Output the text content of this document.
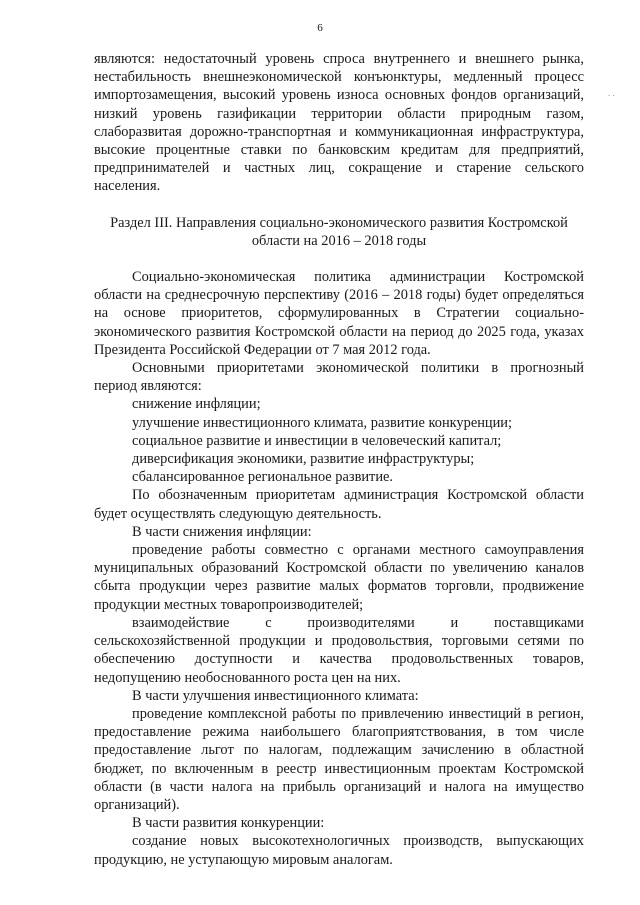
6
. .

являются: недостаточный уровень спроса внутреннего и внешнего рынка, нестабильность внешнеэкономической конъюнктуры, медленный процесс импортозамещения, высокий уровень износа основных фондов организаций, низкий уровень газификации территории области природным газом, слаборазвитая дорожно-транспортная и коммуникационная инфраструктура, высокие процентные ставки по банковским кредитам для предприятий, предпринимателей и частных лиц, сокращение и старение сельского населения.

Раздел III. Направления социально-экономического развития Костромской области на 2016 – 2018 годы

Социально-экономическая политика администрации Костромской области на среднесрочную перспективу (2016 – 2018 годы) будет определяться на основе приоритетов, сформулированных в Стратегии социально-экономического развития Костромской области на период до 2025 года, указах Президента Российской Федерации от 7 мая 2012 года.

Основными приоритетами экономической политики в прогнозный период являются:

снижение инфляции;

улучшение инвестиционного климата, развитие конкуренции;

социальное развитие и инвестиции в человеческий капитал;

диверсификация экономики, развитие инфраструктуры;

сбалансированное региональное развитие.

По обозначенным приоритетам администрация Костромской области будет осуществлять следующую деятельность.

В части снижения инфляции:

проведение работы совместно с органами местного самоуправления муниципальных образований Костромской области по увеличению каналов сбыта продукции через развитие малых форматов торговли, продвижение продукции местных товаропроизводителей;

взаимодействие с производителями и поставщиками сельскохозяйственной продукции и продовольствия, торговыми сетями по обеспечению доступности и качества продовольственных товаров, недопущению необоснованного роста цен на них.

В части улучшения инвестиционного климата:

проведение комплексной работы по привлечению инвестиций в регион, предоставление режима наибольшего благоприятствования, в том числе предоставление льгот по налогам, подлежащим зачислению в областной бюджет, по включенным в реестр инвестиционным проектам Костромской области (в части налога на прибыль организаций и налога на имущество организаций).

В части развития конкуренции:

создание новых высокотехнологичных производств, выпускающих продукцию, не уступающую мировым аналогам.
